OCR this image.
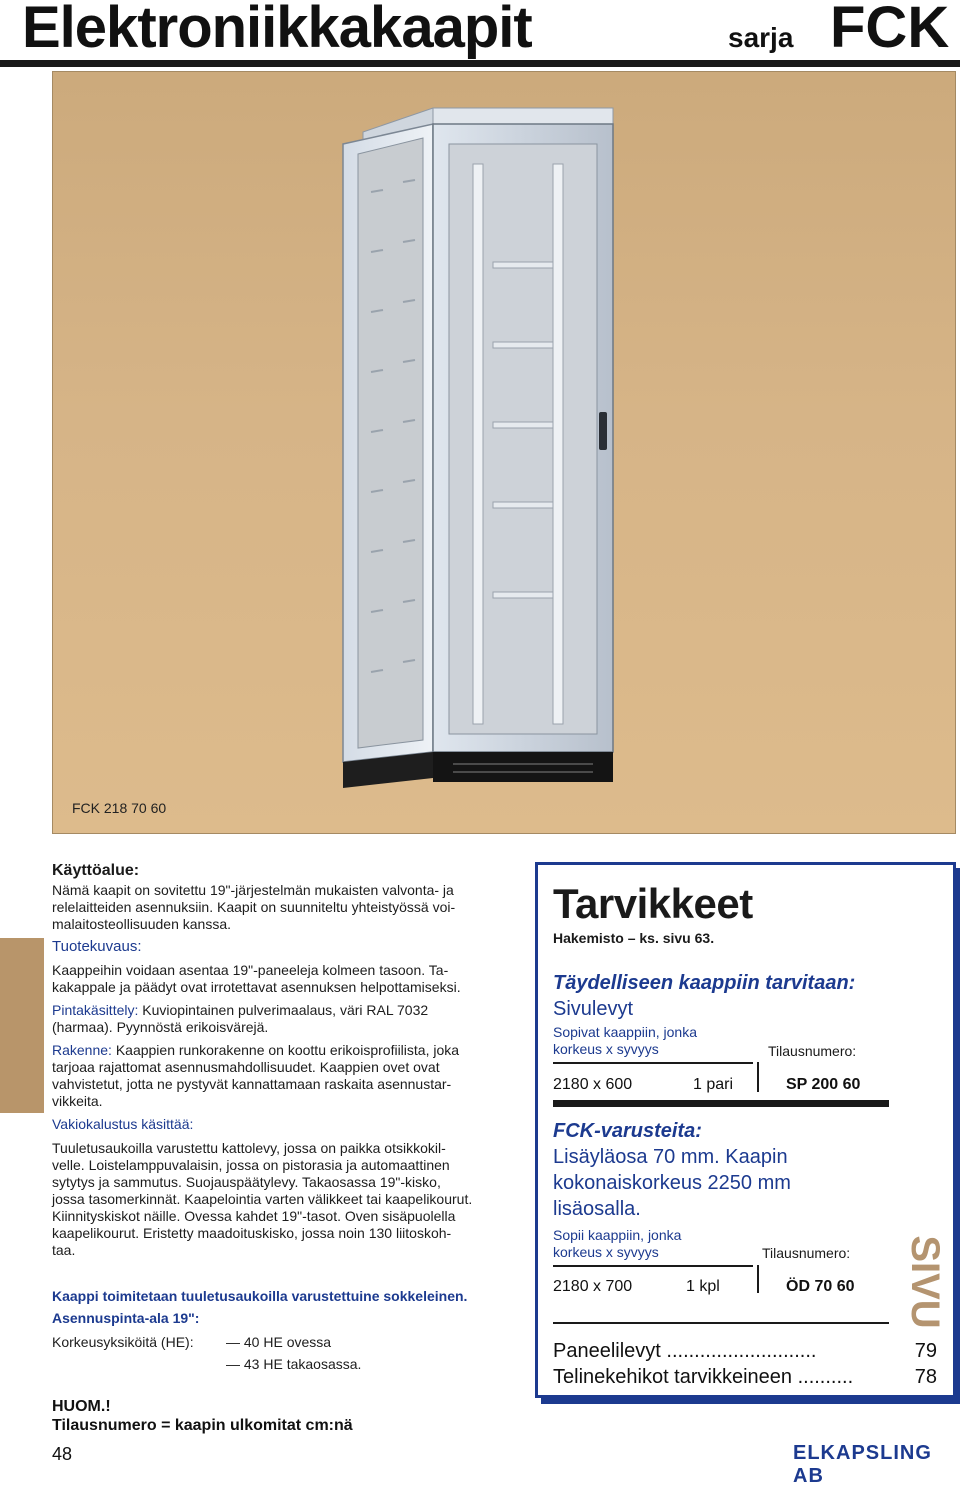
Elektroniikkakaapit	sarja FCK
FCK 218 70 60
Käyttöalue:
Nämä kaapit on sovitettu 19"-järjestelmän mukaisten valvonta- ja
relelaitteiden asennuksiin. Kaapit on suunniteltu yhteistyössä voi-
malaitosteollisuuden kanssa.
Tuotekuvaus:
Kaappeihin voidaan asentaa 19"-paneeleja kolmeen tasoon. Ta-
kakappale ja päädyt ovat irrotettavat asennuksen helpottamiseksi.
Pintakäsittely: Kuviopintainen pulverimaalaus, väri RAL 7032
(harmaa). Pyynnöstä erikoisvärejä.
Rakenne: Kaappien runkorakenne on koottu erikoisprofiilista, joka
tarjoaa rajattomat asennusmahdollisuudet. Kaappien ovet ovat
vahvistetut, jotta ne pystyvät kannattamaan raskaita asennustar-
vikkeita.
Vakiokalustus käsittää:
Tuuletusaukoilla varustettu kattolevy, jossa on paikka otsikkokil-
velle. Loistelamppuvalaisin, jossa on pistorasia ja automaattinen
sytytys ja sammutus. Suojauspäätylevy. Takaosassa 19"-kisko,
jossa tasomerkinnät. Kaapelointia varten välikkeet tai kaapelikourut.
Kiinnityskiskot näille. Ovessa kahdet 19"-tasot. Oven sisäpuolella
kaapelikourut. Eristetty maadoituskisko, jossa noin 130 liitoskoh-
taa.
Kaappi toimitetaan tuuletusaukoilla varustettuine sokkeleinen.
Asennuspinta-ala 19":
Korkeusyksiköitä (HE): — 40 HE ovessa
— 43 HE takaosassa.
HUOM.!
Tilausnumero = kaapin ulkomitat cm:nä
Tarvikkeet
Hakemisto – ks. sivu 63.
Täydelliseen kaappiin tarvitaan:
Sivulevyt
Sopivat kaappiin, jonka
korkeus x syvyys	Tilausnumero:
2180 x 600	1 pari	SP 200 60
FCK-varusteita:
Lisäyläosa 70 mm. Kaapin
kokonaiskorkeus 2250 mm
lisäosalla.
Sopii kaappiin, jonka
korkeus x syvyys	Tilausnumero:
2180 x 700	1 kpl	ÖD 70 60
Paneelilevyt ...........................	79
Telinekehikot tarvikkeineen ..........	78
SIVU
48	ELKAPSLING AB
